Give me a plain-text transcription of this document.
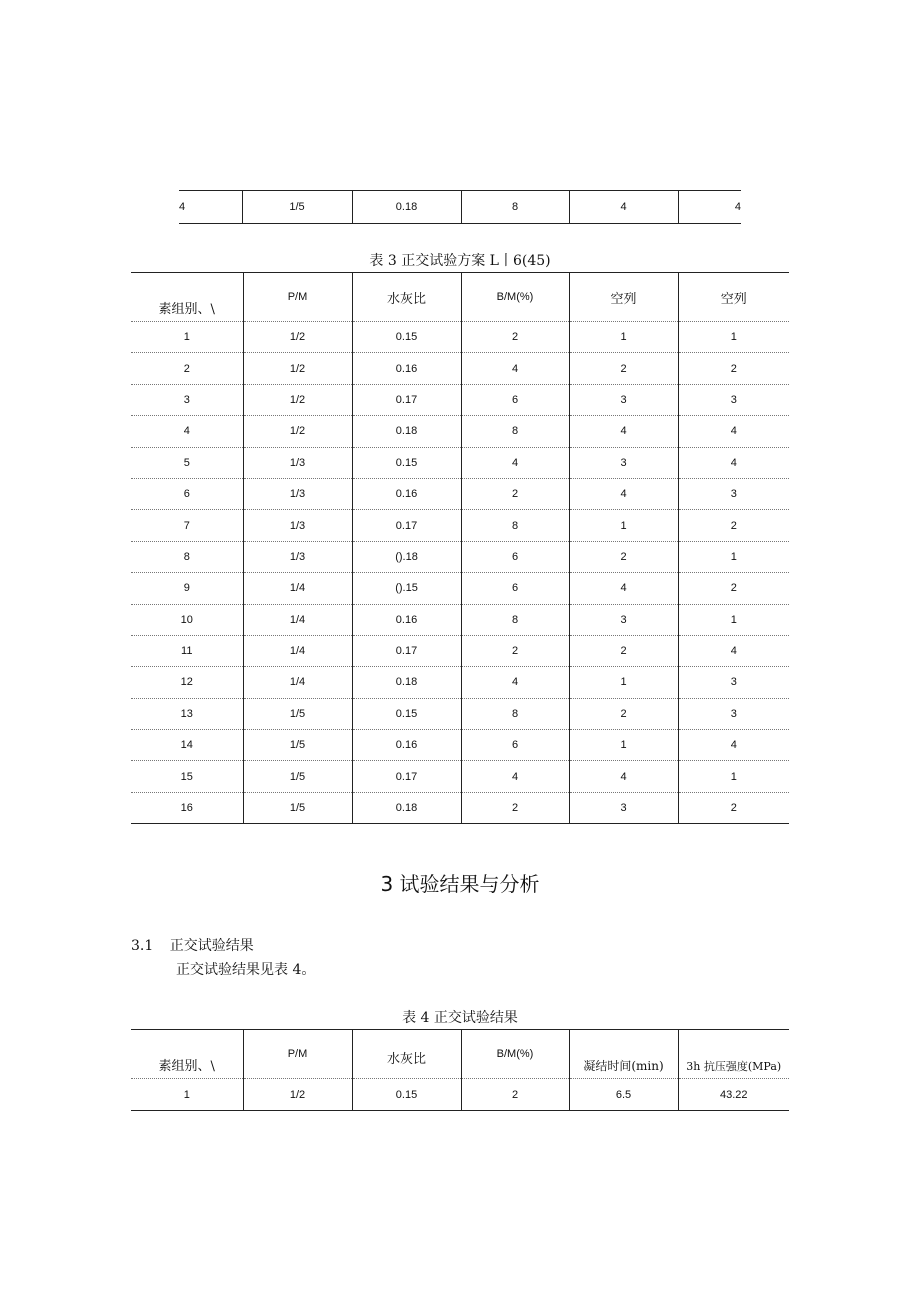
4	1/5	0.18	8	4	4
表 3 正交试验方案 L丨6(45)
素组别、\	P/M	水灰比	B/M(%)	空列	空列
1	1/2	0.15	2	1	1
2	1/2	0.16	4	2	2
3	1/2	0.17	6	3	3
4	1/2	0.18	8	4	4
5	1/3	0.15	4	3	4
6	1/3	0.16	2	4	3
7	1/3	0.17	8	1	2
8	1/3	().18	6	2	1
9	1/4	().15	6	4	2
10	1/4	0.16	8	3	1
11	1/4	0.17	2	2	4
12	1/4	0.18	4	1	3
13	1/5	0.15	8	2	3
14	1/5	0.16	6	1	4
15	1/5	0.17	4	4	1
16	1/5	0.18	2	3	2
3 试验结果与分析
3.1 正交试验结果
正交试验结果见表 4。
表 4 正交试验结果
素组别、\	P/M	水灰比	B/M(%)	凝结时间(min)	3h 抗压强度(MPa)
1	1/2	0.15	2	6.5	43.22
